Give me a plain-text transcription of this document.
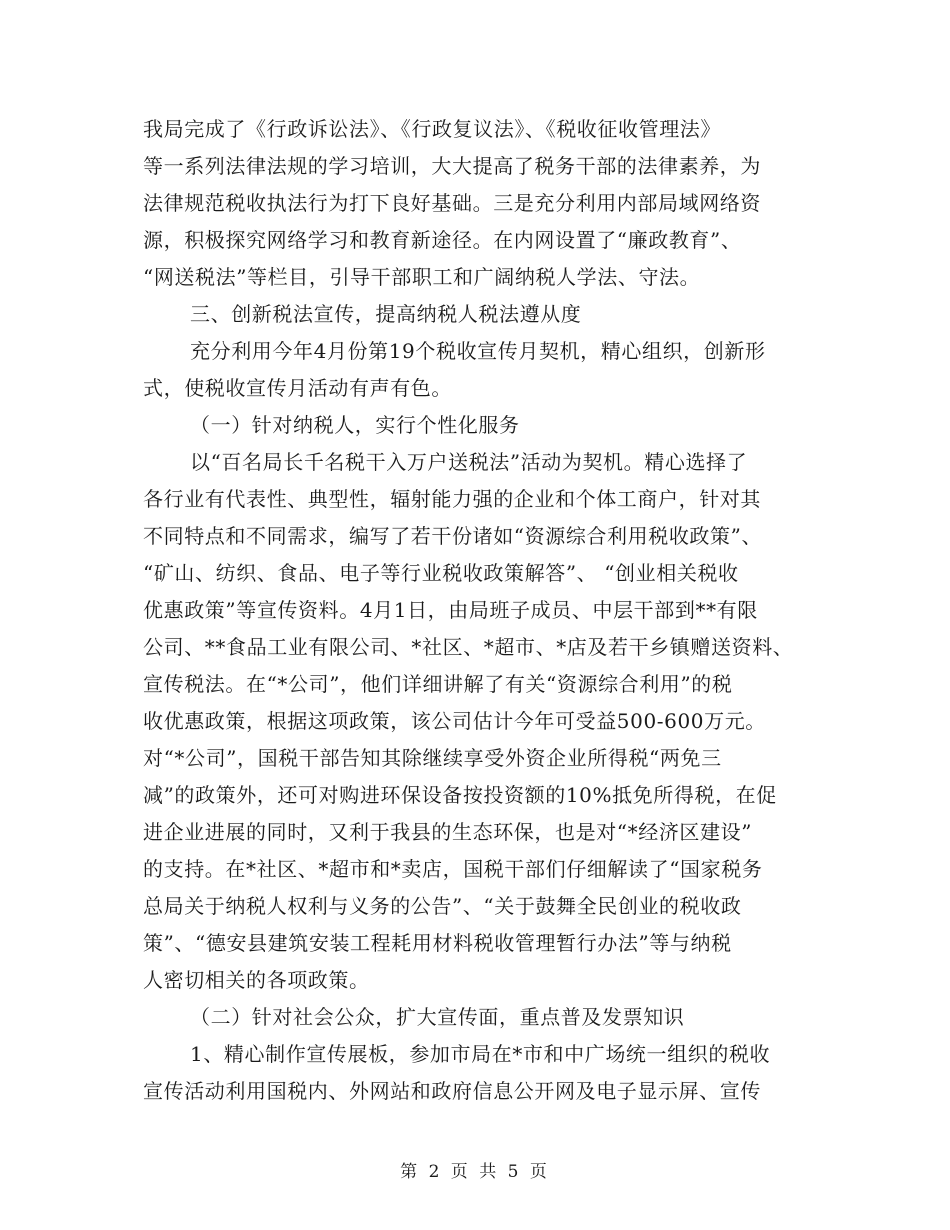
我局完成了《行政诉讼法》、《行政复议法》、《税收征收管理法》
等一系列法律法规的学习培训，大大提高了税务干部的法律素养，为
法律规范税收执法行为打下良好基础。三是充分利用内部局域网络资
源，积极探究网络学习和教育新途径。在内网设置了“廉政教育”、
“网送税法”等栏目，引导干部职工和广阔纳税人学法、守法。
三、创新税法宣传，提高纳税人税法遵从度
充分利用今年4月份第19个税收宣传月契机，精心组织，创新形
式，使税收宣传月活动有声有色。
（一）针对纳税人，实行个性化服务
以“百名局长千名税干入万户送税法”活动为契机。精心选择了
各行业有代表性、典型性，辐射能力强的企业和个体工商户，针对其
不同特点和不同需求，编写了若干份诸如“资源综合利用税收政策”、
“矿山、纺织、食品、电子等行业税收政策解答”、 “创业相关税收
优惠政策”等宣传资料。4月1日，由局班子成员、中层干部到**有限
公司、**食品工业有限公司、*社区、*超市、*店及若干乡镇赠送资料、
宣传税法。在“*公司”，他们详细讲解了有关“资源综合利用”的税
收优惠政策，根据这项政策，该公司估计今年可受益500-600万元。
对“*公司”，国税干部告知其除继续享受外资企业所得税“两免三
减”的政策外，还可对购进环保设备按投资额的10%抵免所得税，在促
进企业进展的同时，又利于我县的生态环保，也是对“*经济区建设”
的支持。在*社区、*超市和*卖店，国税干部们仔细解读了“国家税务
总局关于纳税人权利与义务的公告”、“关于鼓舞全民创业的税收政
策”、“德安县建筑安装工程耗用材料税收管理暂行办法”等与纳税
人密切相关的各项政策。
（二）针对社会公众，扩大宣传面，重点普及发票知识
1、精心制作宣传展板，参加市局在*市和中广场统一组织的税收
宣传活动利用国税内、外网站和政府信息公开网及电子显示屏、宣传
第 2 页 共 5 页
